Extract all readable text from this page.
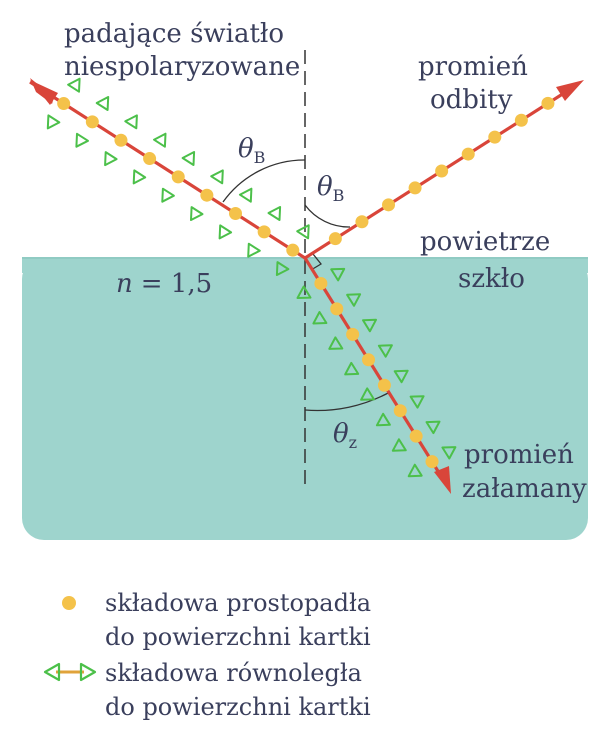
padające światło
niespolaryzowane	promień
odbity
powietrze
szkło
n = 1,5
$\theta_B$
$\theta_B$
$\theta_z$	promień
załamany
składowa prostopadła
do powierzchni kartki
składowa równoległa
do powierzchni kartki
